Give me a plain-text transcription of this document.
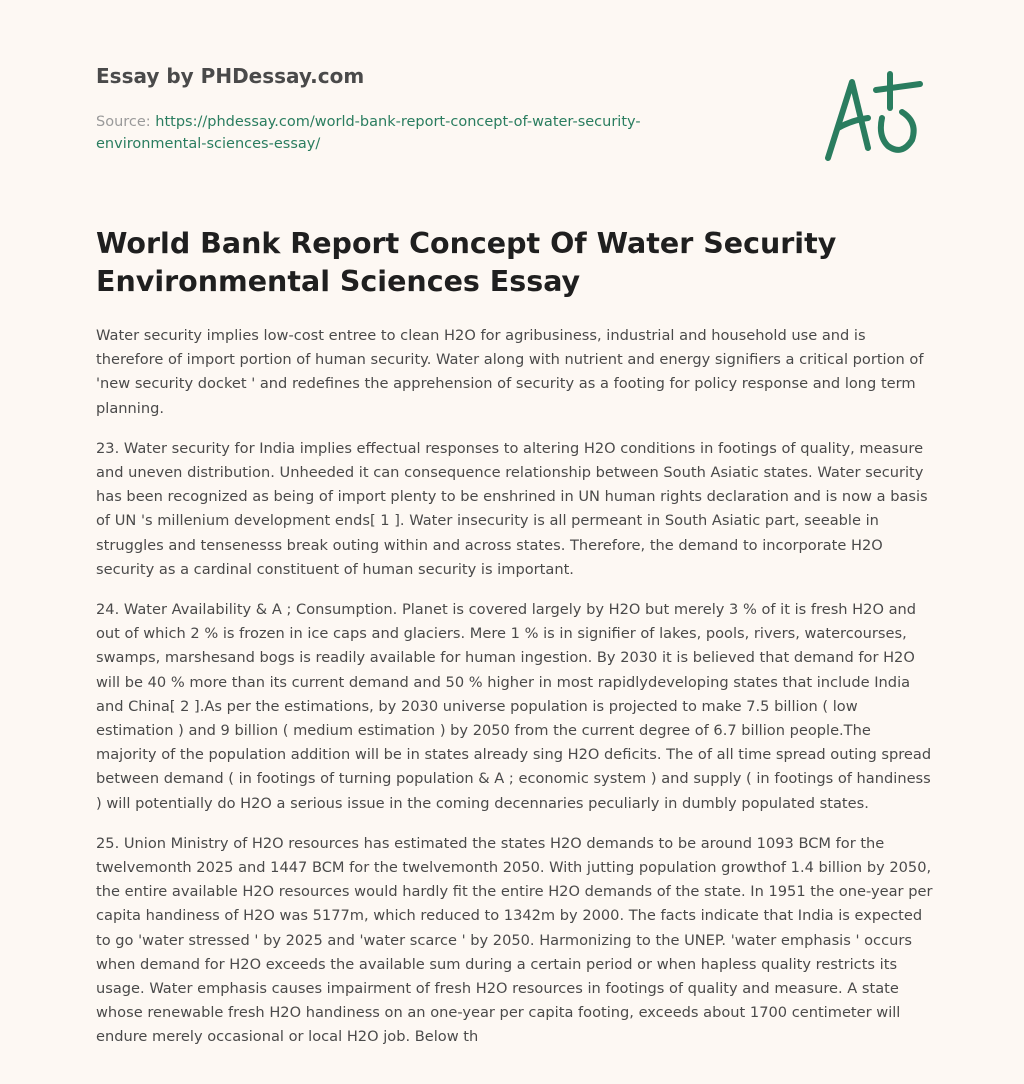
Essay by PHDessay.com
Source: https://phdessay.com/world-bank-report-concept-of-water-security-
environmental-sciences-essay/
World Bank Report Concept Of Water Security Environmental Sciences Essay

Water security implies low-cost entree to clean H2O for agribusiness, industrial and household use and is therefore of import portion of human security. Water along with nutrient and energy signifiers a critical portion of 'new security docket ' and redefines the apprehension of security as a footing for policy response and long term planning.

23. Water security for India implies effectual responses to altering H2O conditions in footings of quality, measure and uneven distribution. Unheeded it can consequence relationship between South Asiatic states. Water security has been recognized as being of import plenty to be enshrined in UN human rights declaration and is now a basis of UN 's millenium development ends[ 1 ]. Water insecurity is all permeant in South Asiatic part, seeable in struggles and tensenesss break outing within and across states. Therefore, the demand to incorporate H2O security as a cardinal constituent of human security is important.

24. Water Availability & A ; Consumption. Planet is covered largely by H2O but merely 3 % of it is fresh H2O and out of which 2 % is frozen in ice caps and glaciers. Mere 1 % is in signifier of lakes, pools, rivers, watercourses, swamps, marshesand bogs is readily available for human ingestion. By 2030 it is believed that demand for H2O will be 40 % more than its current demand and 50 % higher in most rapidlydeveloping states that include India and China[ 2 ].As per the estimations, by 2030 universe population is projected to make 7.5 billion ( low estimation ) and 9 billion ( medium estimation ) by 2050 from the current degree of 6.7 billion people.The majority of the population addition will be in states already sing H2O deficits. The of all time spread outing spread between demand ( in footings of turning population & A ; economic system ) and supply ( in footings of handiness ) will potentially do H2O a serious issue in the coming decennaries peculiarly in dumbly populated states.

25. Union Ministry of H2O resources has estimated the states H2O demands to be around 1093 BCM for the twelvemonth 2025 and 1447 BCM for the twelvemonth 2050. With jutting population growthof 1.4 billion by 2050, the entire available H2O resources would hardly fit the entire H2O demands of the state. In 1951 the one-year per capita handiness of H2O was 5177m, which reduced to 1342m by 2000. The facts indicate that India is expected to go 'water stressed ' by 2025 and 'water scarce ' by 2050. Harmonizing to the UNEP. 'water emphasis ' occurs when demand for H2O exceeds the available sum during a certain period or when hapless quality restricts its usage. Water emphasis causes impairment of fresh H2O resources in footings of quality and measure. A state whose renewable fresh H2O handiness on an one-year per capita footing, exceeds about 1700 centimeter will endure merely occasional or local H2O job. Below th
